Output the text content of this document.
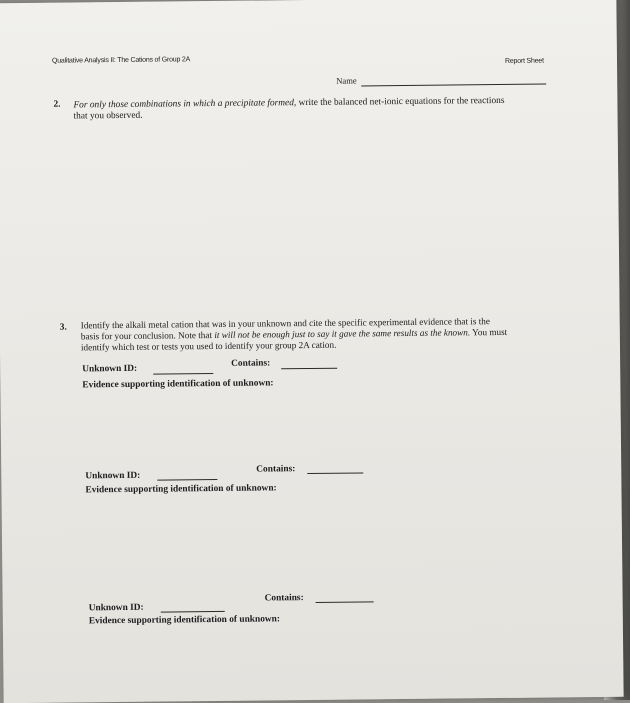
Qualitative Analysis II: The Cations of Group 2A	Report Sheet
Name
2. For only those combinations in which a precipitate formed, write the balanced net-ionic equations for the reactions
that you observed.
3. Identify the alkali metal cation that was in your unknown and cite the specific experimental evidence that is the
basis for your conclusion. Note that it will not be enough just to say it gave the same results as the known. You must
identify which test or tests you used to identify your group 2A cation.
Unknown ID:
Contains:
Evidence supporting identification of unknown:
Unknown ID:
Contains:
Evidence supporting identification of unknown:
Unknown ID:
Contains:
Evidence supporting identification of unknown:
